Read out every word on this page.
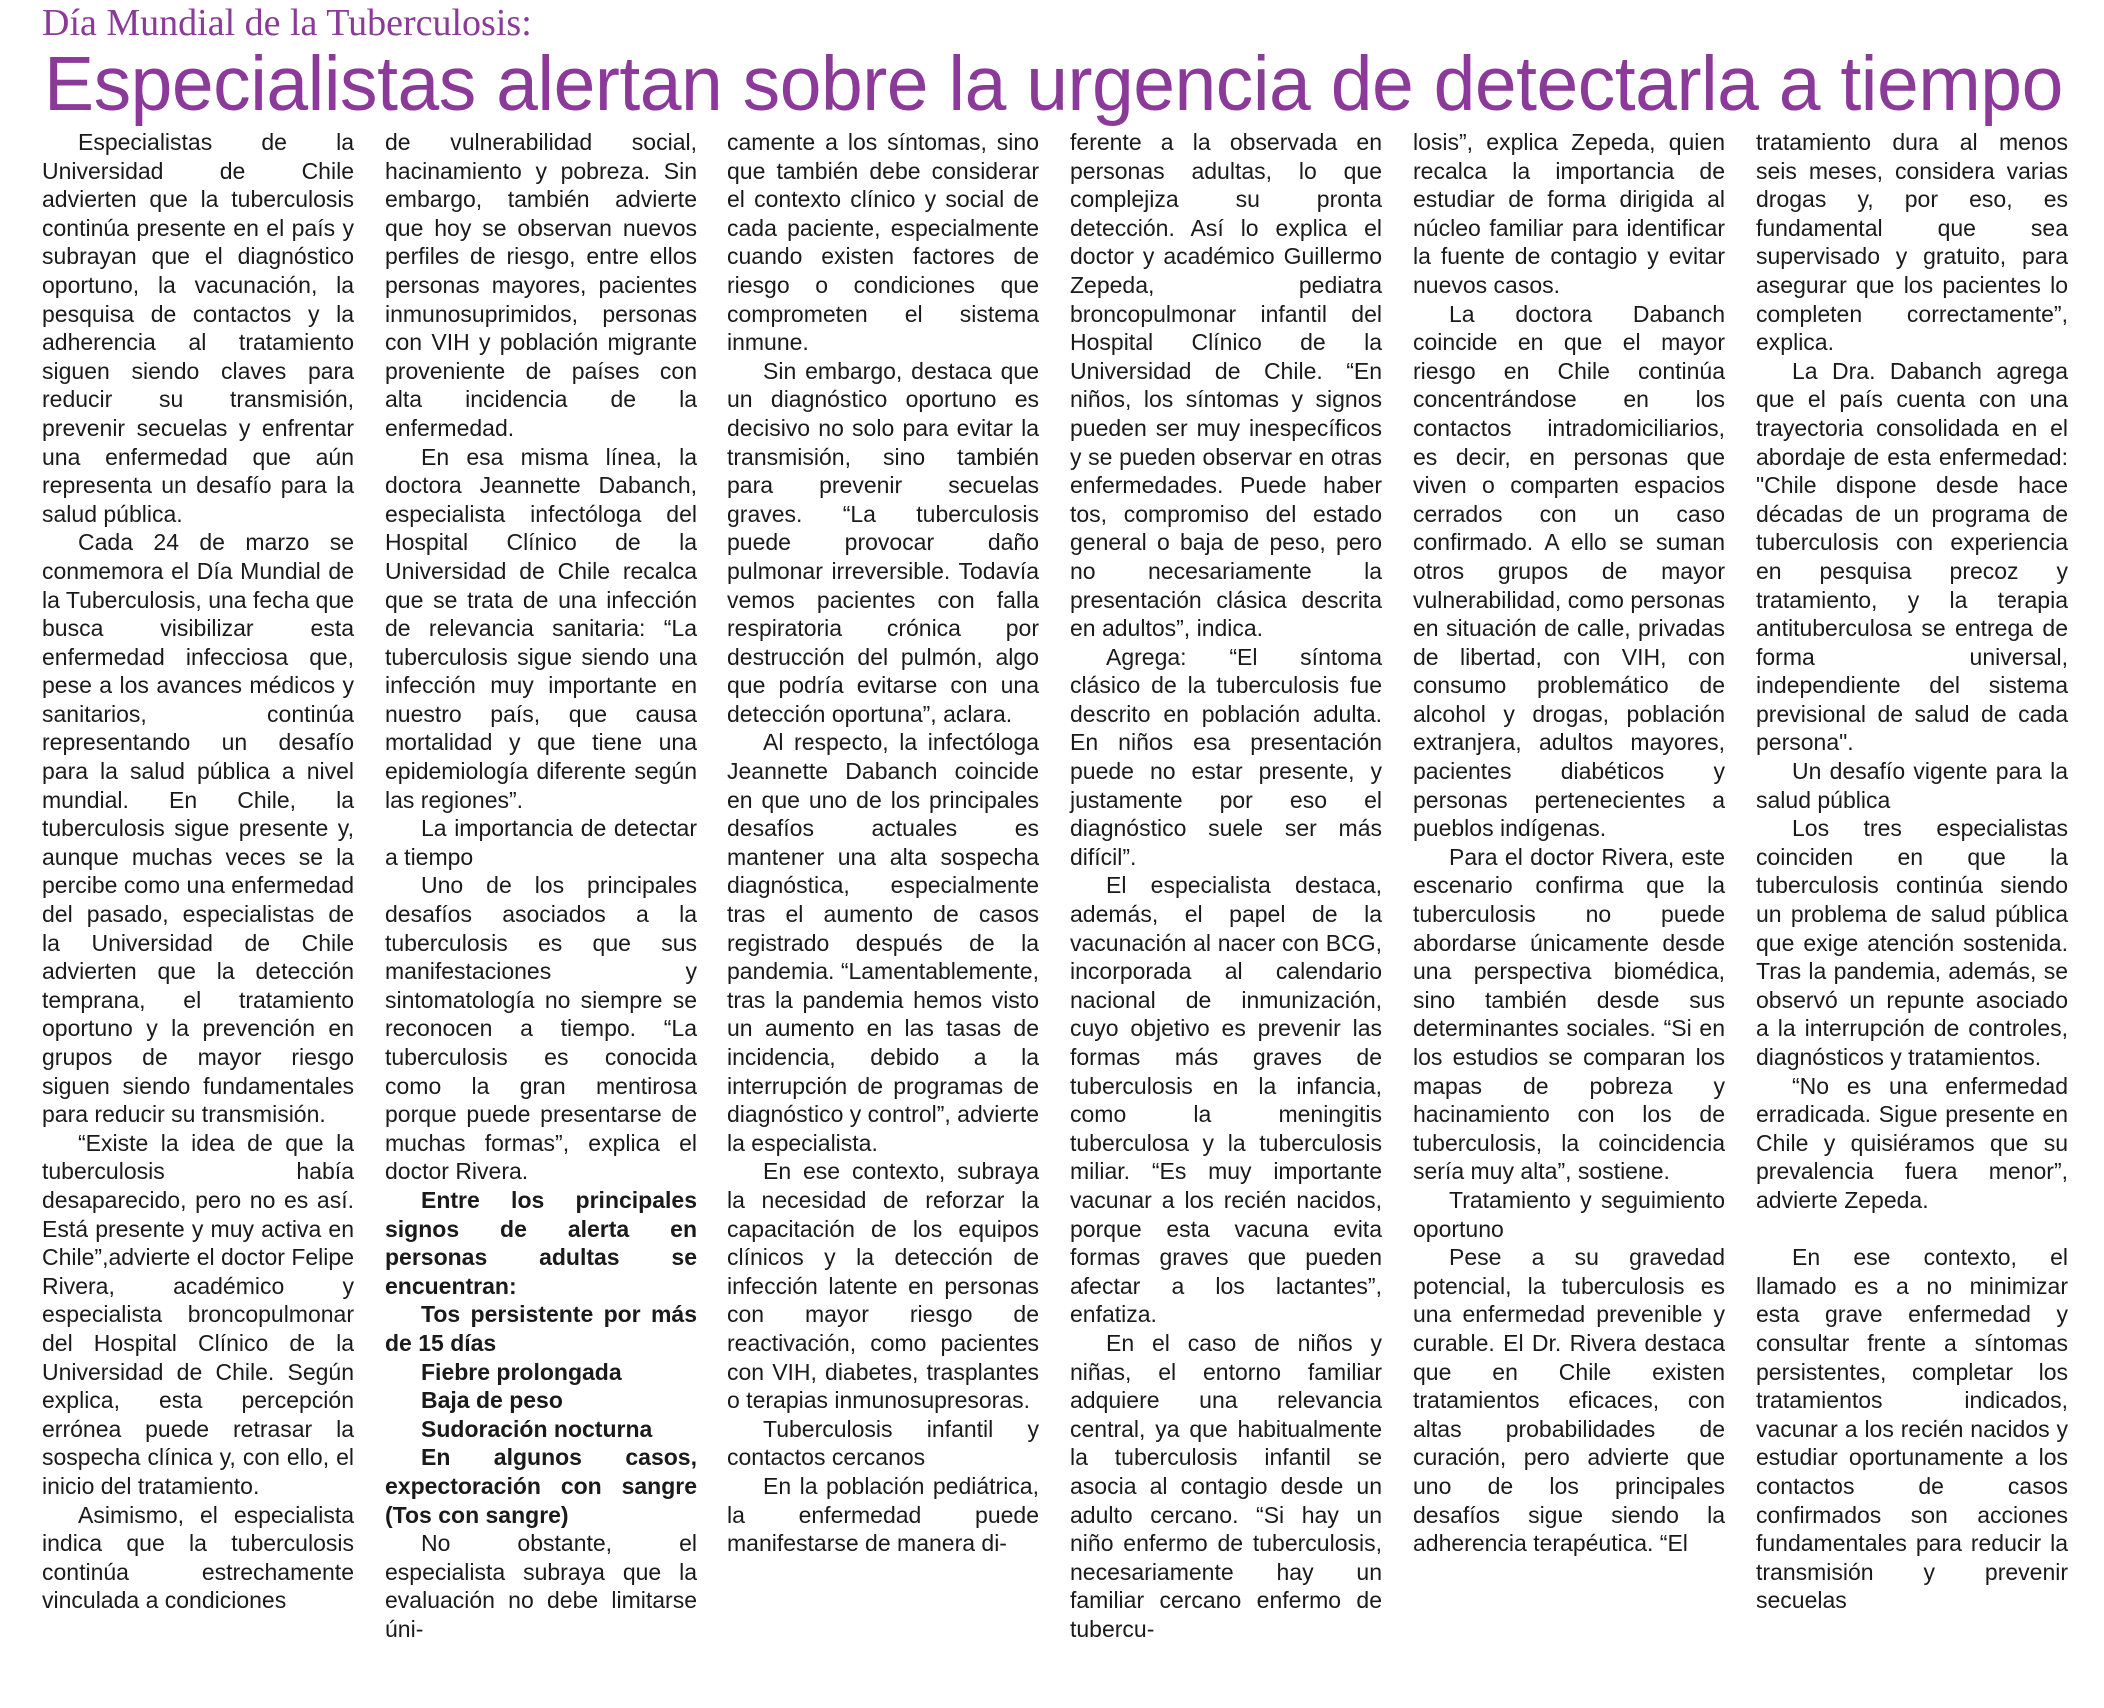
Día Mundial de la Tuberculosis:
Especialistas alertan sobre la urgencia de detectarla a tiempo

Especialistas de la Universidad de Chile advierten que la tuberculosis continúa presente en el país y subrayan que el diagnóstico oportuno, la vacunación, la pesquisa de contactos y la adherencia al tratamiento siguen siendo claves para reducir su transmisión, prevenir secuelas y enfrentar una enfermedad que aún representa un desafío para la salud pública.

Cada 24 de marzo se conmemora el Día Mundial de la Tuberculosis, una fecha que busca visibilizar esta enfermedad infecciosa que, pese a los avances médicos y sanitarios, continúa representando un desafío para la salud pública a nivel mundial. En Chile, la tuberculosis sigue presente y, aunque muchas veces se la percibe como una enfermedad del pasado, especialistas de la Universidad de Chile advierten que la detección temprana, el tratamiento oportuno y la prevención en grupos de mayor riesgo siguen siendo fundamentales para reducir su transmisión.

“Existe la idea de que la tuberculosis había desaparecido, pero no es así. Está presente y muy activa en Chile”,advierte el doctor Felipe Rivera, académico y especialista broncopulmonar del Hospital Clínico de la Universidad de Chile. Según explica, esta percepción errónea puede retrasar la sospecha clínica y, con ello, el inicio del tratamiento.

Asimismo, el especialista indica que la tuberculosis continúa estrechamente vinculada a condiciones

de vulnerabilidad social, hacinamiento y pobreza. Sin embargo, también advierte que hoy se observan nuevos perfiles de riesgo, entre ellos personas mayores, pacientes inmunosuprimidos, personas con VIH y población migrante proveniente de países con alta incidencia de la enfermedad.

En esa misma línea, la doctora Jeannette Dabanch, especialista infectóloga del Hospital Clínico de la Universidad de Chile recalca que se trata de una infección de relevancia sanitaria: “La tuberculosis sigue siendo una infección muy importante en nuestro país, que causa mortalidad y que tiene una epidemiología diferente según las regiones”.

La importancia de detectar a tiempo

Uno de los principales desafíos asociados a la tuberculosis es que sus manifestaciones y sintomatología no siempre se reconocen a tiempo. “La tuberculosis es conocida como la gran mentirosa porque puede presentarse de muchas formas”, explica el doctor Rivera.

Entre los principales signos de alerta en personas adultas se encuentran:

Tos persistente por más de 15 días

Fiebre prolongada

Baja de peso

Sudoración nocturna

En algunos casos, expectoración con sangre (Tos con sangre)

No obstante, el especialista subraya que la evaluación no debe limitarse úni-

camente a los síntomas, sino que también debe considerar el contexto clínico y social de cada paciente, especialmente cuando existen factores de riesgo o condiciones que comprometen el sistema inmune.

Sin embargo, destaca que un diagnóstico oportuno es decisivo no solo para evitar la transmisión, sino también para prevenir secuelas graves. “La tuberculosis puede provocar daño pulmonar irreversible. Todavía vemos pacientes con falla respiratoria crónica por destrucción del pulmón, algo que podría evitarse con una detección oportuna”, aclara.

Al respecto, la infectóloga Jeannette Dabanch coincide en que uno de los principales desafíos actuales es mantener una alta sospecha diagnóstica, especialmente tras el aumento de casos registrado después de la pandemia. “Lamentablemente, tras la pandemia hemos visto un aumento en las tasas de incidencia, debido a la interrupción de programas de diagnóstico y control”, advierte la especialista.

En ese contexto, subraya la necesidad de reforzar la capacitación de los equipos clínicos y la detección de infección latente en personas con mayor riesgo de reactivación, como pacientes con VIH, diabetes, trasplantes o terapias inmunosupresoras.

Tuberculosis infantil y contactos cercanos

En la población pediátrica, la enfermedad puede manifestarse de manera di-

ferente a la observada en personas adultas, lo que complejiza su pronta detección. Así lo explica el doctor y académico Guillermo Zepeda, pediatra broncopulmonar infantil del Hospital Clínico de la Universidad de Chile. “En niños, los síntomas y signos pueden ser muy inespecíficos y se pueden observar en otras enfermedades. Puede haber tos, compromiso del estado general o baja de peso, pero no necesariamente la presentación clásica descrita en adultos”, indica.

Agrega: “El síntoma clásico de la tuberculosis fue descrito en población adulta. En niños esa presentación puede no estar presente, y justamente por eso el diagnóstico suele ser más difícil”.

El especialista destaca, además, el papel de la vacunación al nacer con BCG, incorporada al calendario nacional de inmunización, cuyo objetivo es prevenir las formas más graves de tuberculosis en la infancia, como la meningitis tuberculosa y la tuberculosis miliar. “Es muy importante vacunar a los recién nacidos, porque esta vacuna evita formas graves que pueden afectar a los lactantes”, enfatiza.

En el caso de niños y niñas, el entorno familiar adquiere una relevancia central, ya que habitualmente la tuberculosis infantil se asocia al contagio desde un adulto cercano. “Si hay un niño enfermo de tuberculosis, necesariamente hay un familiar cercano enfermo de tubercu-

losis”, explica Zepeda, quien recalca la importancia de estudiar de forma dirigida al núcleo familiar para identificar la fuente de contagio y evitar nuevos casos.

La doctora Dabanch coincide en que el mayor riesgo en Chile continúa concentrándose en los contactos intradomiciliarios, es decir, en personas que viven o comparten espacios cerrados con un caso confirmado. A ello se suman otros grupos de mayor vulnerabilidad, como personas en situación de calle, privadas de libertad, con VIH, con consumo problemático de alcohol y drogas, población extranjera, adultos mayores, pacientes diabéticos y personas pertenecientes a pueblos indígenas.

Para el doctor Rivera, este escenario confirma que la tuberculosis no puede abordarse únicamente desde una perspectiva biomédica, sino también desde sus determinantes sociales. “Si en los estudios se comparan los mapas de pobreza y hacinamiento con los de tuberculosis, la coincidencia sería muy alta”, sostiene.

Tratamiento y seguimiento oportuno

Pese a su gravedad potencial, la tuberculosis es una enfermedad prevenible y curable. El Dr. Rivera destaca que en Chile existen tratamientos eficaces, con altas probabilidades de curación, pero advierte que uno de los principales desafíos sigue siendo la adherencia terapéutica. “El

tratamiento dura al menos seis meses, considera varias drogas y, por eso, es fundamental que sea supervisado y gratuito, para asegurar que los pacientes lo completen correctamente”, explica.

La Dra. Dabanch agrega que el país cuenta con una trayectoria consolidada en el abordaje de esta enfermedad: "Chile dispone desde hace décadas de un programa de tuberculosis con experiencia en pesquisa precoz y tratamiento, y la terapia antituberculosa se entrega de forma universal, independiente del sistema previsional de salud de cada persona".

Un desafío vigente para la salud pública

Los tres especialistas coinciden en que la tuberculosis continúa siendo un problema de salud pública que exige atención sostenida. Tras la pandemia, además, se observó un repunte asociado a la interrupción de controles, diagnósticos y tratamientos.

“No es una enfermedad erradicada. Sigue presente en Chile y quisiéramos que su prevalencia fuera menor”, advierte Zepeda.

En ese contexto, el llamado es a no minimizar esta grave enfermedad y consultar frente a síntomas persistentes, completar los tratamientos indicados, vacunar a los recién nacidos y estudiar oportunamente a los contactos de casos confirmados son acciones fundamentales para reducir la transmisión y prevenir secuelas
